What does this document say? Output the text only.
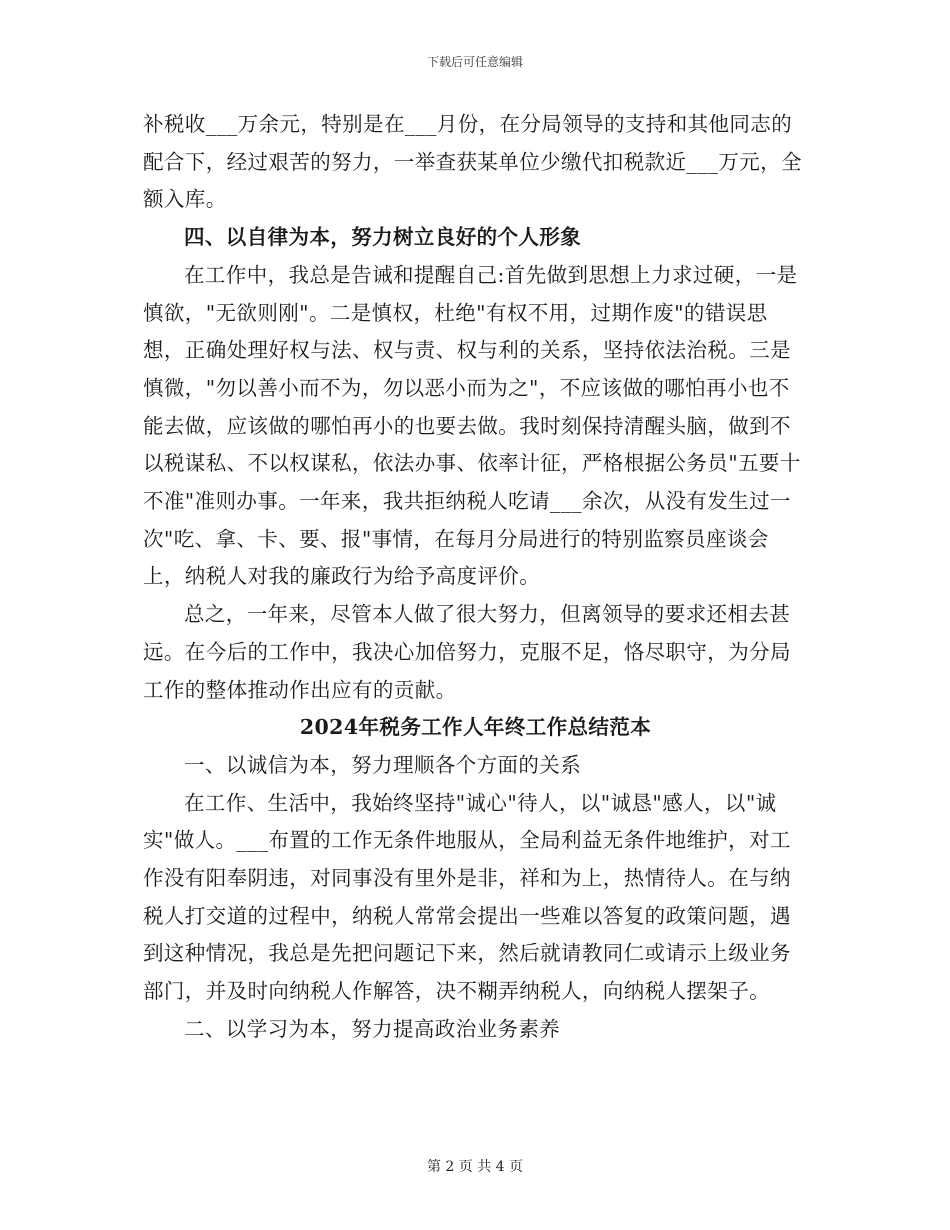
下载后可任意编辑

补税收___万余元，特别是在___月份，在分局领导的支持和其他同志的配合下，经过艰苦的努力，一举查获某单位少缴代扣税款近___万元，全额入库。

四、以自律为本，努力树立良好的个人形象

在工作中，我总是告诫和提醒自己:首先做到思想上力求过硬，一是慎欲，"无欲则刚"。二是慎权，杜绝"有权不用，过期作废"的错误思想，正确处理好权与法、权与责、权与利的关系，坚持依法治税。三是慎微，"勿以善小而不为，勿以恶小而为之"，不应该做的哪怕再小也不能去做，应该做的哪怕再小的也要去做。我时刻保持清醒头脑，做到不以税谋私、不以权谋私，依法办事、依率计征，严格根据公务员"五要十不准"准则办事。一年来，我共拒纳税人吃请___余次，从没有发生过一次"吃、拿、卡、要、报"事情，在每月分局进行的特别监察员座谈会上，纳税人对我的廉政行为给予高度评价。

总之，一年来，尽管本人做了很大努力，但离领导的要求还相去甚远。在今后的工作中，我决心加倍努力，克服不足，恪尽职守，为分局工作的整体推动作出应有的贡献。

2024年税务工作人年终工作总结范本

一、以诚信为本，努力理顺各个方面的关系

在工作、生活中，我始终坚持"诚心"待人，以"诚恳"感人，以"诚实"做人。___布置的工作无条件地服从，全局利益无条件地维护，对工作没有阳奉阴违，对同事没有里外是非，祥和为上，热情待人。在与纳税人打交道的过程中，纳税人常常会提出一些难以答复的政策问题，遇到这种情况，我总是先把问题记下来，然后就请教同仁或请示上级业务部门，并及时向纳税人作解答，决不糊弄纳税人，向纳税人摆架子。

二、以学习为本，努力提高政治业务素养

第 2 页 共 4 页
